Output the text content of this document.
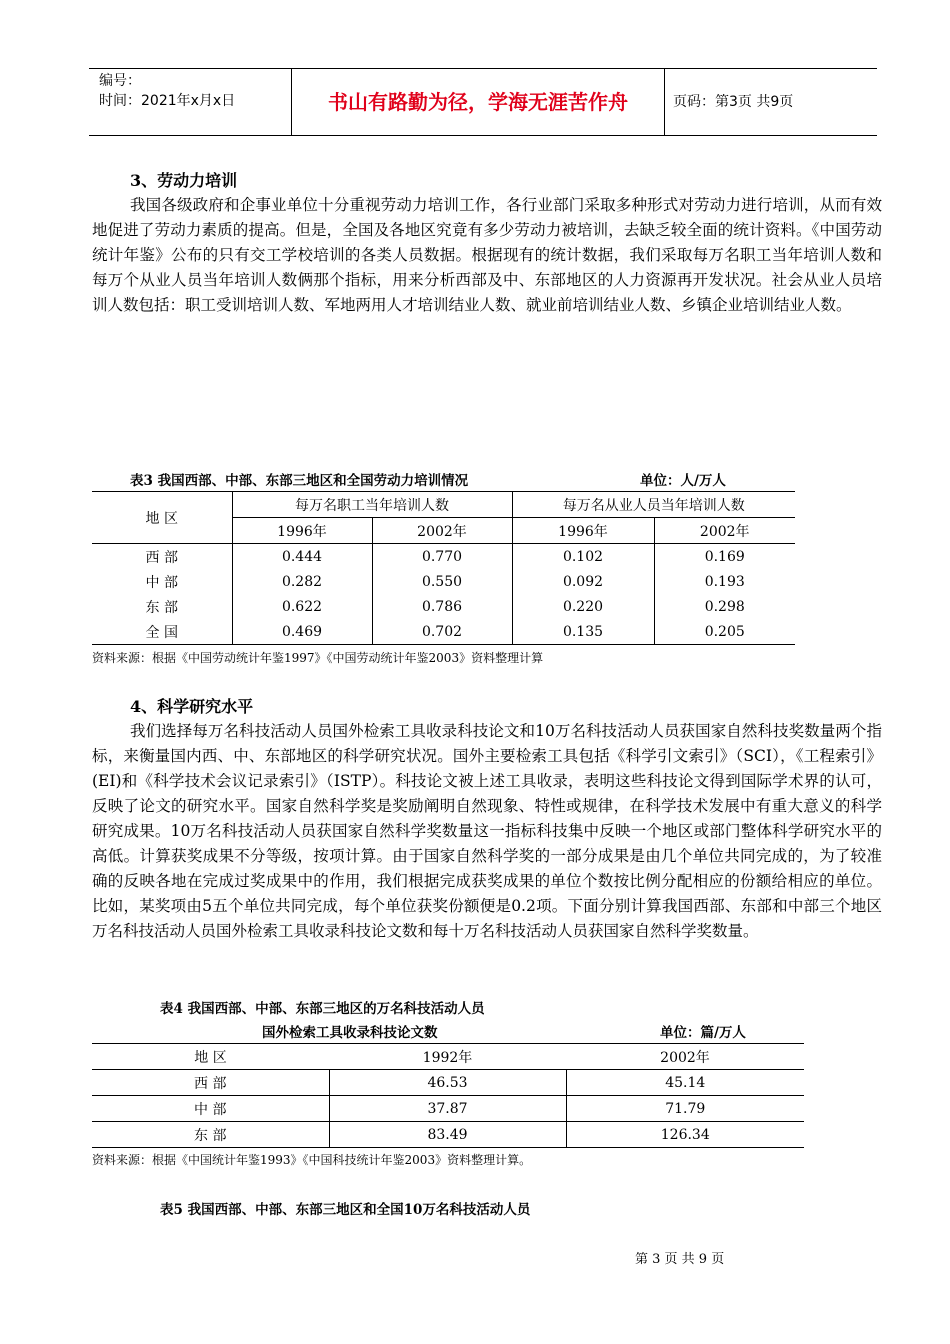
编号：
时间：2021年x月x日	书山有路勤为径，学海无涯苦作舟	页码：第3页 共9页
3、劳动力培训
我国各级政府和企事业单位十分重视劳动力培训工作，各行业部门采取多种形式对劳动力进行培训，从而有效地促进了劳动力素质的提高。但是，全国及各地区究竟有多少劳动力被培训，去缺乏较全面的统计资料。《中国劳动统计年鉴》公布的只有交工学校培训的各类人员数据。根据现有的统计数据，我们采取每万名职工当年培训人数和每万个从业人员当年培训人数俩那个指标，用来分析西部及中、东部地区的人力资源再开发状况。社会从业人员培训人数包括：职工受训培训人数、军地两用人才培训结业人数、就业前培训结业人数、乡镇企业培训结业人数。
表3 我国西部、中部、东部三地区和全国劳动力培训情况	单位：人/万人
地 区	每万名职工当年培训人数		每万名从业人员当年培训人数	
	1996年	2002年	1996年	2002年
西 部	0.444	0.770	0.102	0.169
中 部	0.282	0.550	0.092	0.193
东 部	0.622	0.786	0.220	0.298
全 国	0.469	0.702	0.135	0.205
资料来源：根据《中国劳动统计年鉴1997》《中国劳动统计年鉴2003》资料整理计算
4、科学研究水平
我们选择每万名科技活动人员国外检索工具收录科技论文和10万名科技活动人员获国家自然科技奖数量两个指标，来衡量国内西、中、东部地区的科学研究状况。国外主要检索工具包括《科学引文索引》（SCI），《工程索引》(EI)和《科学技术会议记录索引》（ISTP）。科技论文被上述工具收录，表明这些科技论文得到国际学术界的认可，反映了论文的研究水平。国家自然科学奖是奖励阐明自然现象、特性或规律，在科学技术发展中有重大意义的科学研究成果。10万名科技活动人员获国家自然科学奖数量这一指标科技集中反映一个地区或部门整体科学研究水平的高低。计算获奖成果不分等级，按项计算。由于国家自然科学奖的一部分成果是由几个单位共同完成的，为了较准确的反映各地在完成过奖成果中的作用，我们根据完成获奖成果的单位个数按比例分配相应的份额给相应的单位。比如，某奖项由5五个单位共同完成，每个单位获奖份额便是0.2项。下面分别计算我国西部、东部和中部三个地区万名科技活动人员国外检索工具收录科技论文数和每十万名科技活动人员获国家自然科学奖数量。
表4 我国西部、中部、东部三地区的万名科技活动人员
国外检索工具收录科技论文数	单位：篇/万人
地 区	1992年	2002年
西 部	46.53	45.14
中 部	37.87	71.79
东 部	83.49	126.34
资料来源：根据《中国统计年鉴1993》《中国科技统计年鉴2003》资料整理计算。
表5 我国西部、中部、东部三地区和全国10万名科技活动人员
第 3 页 共 9 页
